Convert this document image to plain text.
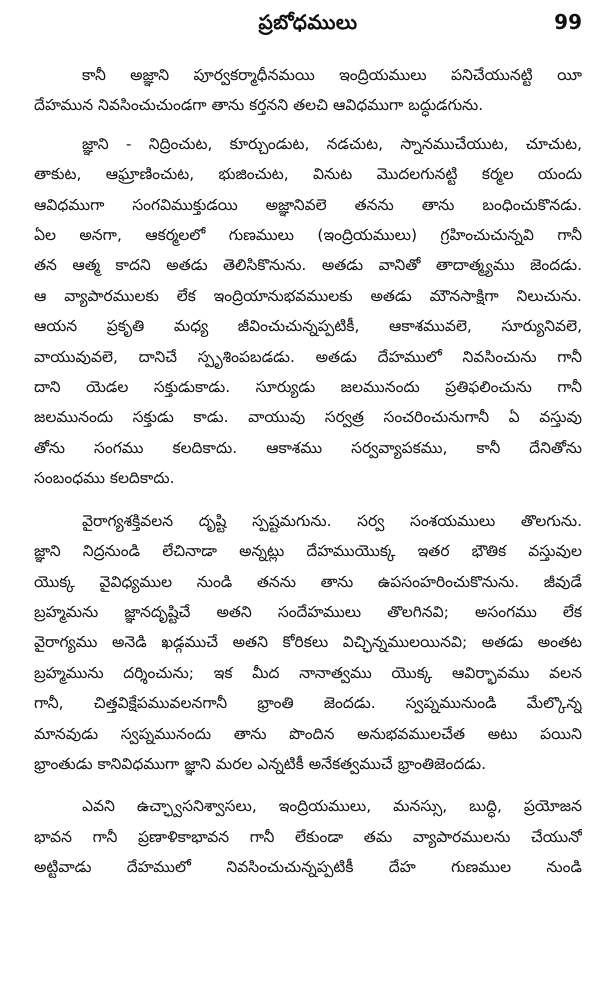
ప్రబోధములు	99
కానీ అజ్ఞాని పూర్వకర్మాధీనమయి ఇంద్రియములు పనిచేయునట్టి యీ
దేహమున నివసించుచుండగా తాను కర్తనని తలచి ఆవిధముగా బద్ధుడగును.
జ్ఞాని - నిద్రించుట, కూర్చుండుట, నడచుట, స్నానముచేయుట, చూచుట,
తాకుట, ఆఘ్రాణించుట, భుజించుట, వినుట మొదలగునట్టి కర్మల యందు
ఆవిధముగా సంగవిముక్తుడయి అజ్ఞానివలె తనను తాను బంధించుకొనడు.
ఏల అనగా, ఆకర్మలలో గుణములు (ఇంద్రియములు) గ్రహించుచున్నవి గానీ
తన ఆత్మ కాదని అతడు తెలిసికొనును. అతడు వానితో తాదాత్మ్యము జెందడు.
ఆ వ్యాపారములకు లేక ఇంద్రియానుభవములకు అతడు మౌనసాక్షిగా నిలుచును.
ఆయన ప్రకృతి మధ్య జీవించుచున్నప్పటికీ, ఆకాశమువలె, సూర్యునివలె,
వాయువువలె, దానిచే స్పృశింపబడడు. అతడు దేహములో నివసించును గానీ
దాని యెడల సక్తుడుకాడు. సూర్యుడు జలమునందు ప్రతిఫలించును గానీ
జలమునందు సక్తుడు కాడు. వాయువు సర్వత్ర సంచరించునుగానీ ఏ వస్తువు
తోను సంగము కలదికాదు. ఆకాశము సర్వవ్యాపకము, కానీ దేనితోను
సంబంధము కలదికాదు.
వైరాగ్యశక్తివలన దృష్టి స్పష్టమగును. సర్వ సంశయములు తొలగును.
జ్ఞాని నిద్రనుండి లేచినాడా అన్నట్లు దేహముయొక్క ఇతర భౌతిక వస్తువుల
యొక్క వైవిధ్యముల నుండి తనను తాను ఉపసంహరించుకొనును. జీవుడే
బ్రహ్మమను జ్ఞానదృష్టిచే అతని సందేహములు తొలగినవి; అసంగము లేక
వైరాగ్యము అనెడి ఖడ్గముచే అతని కోరికలు విచ్ఛిన్నములయినవి; అతడు అంతట
బ్రహ్మమును దర్శించును; ఇక మీద నానాత్వము యొక్క ఆవిర్భావము వలన
గానీ, చిత్తవిక్షేపమువలనగానీ భ్రాంతి జెందడు. స్వప్నమునుండి మేల్కొన్న
మానవుడు స్వప్నమునందు తాను పొందిన అనుభవములచేత అటు పయిని
భ్రాంతుడు కానివిధముగా జ్ఞాని మరల ఎన్నటికీ అనేకత్వముచే భ్రాంతిజెందడు.
ఎవని ఉచ్ఛ్వాసనిశ్వాసలు, ఇంద్రియములు, మనస్సు, బుద్ధి, ప్రయోజన
భావన గానీ ప్రణాళికాభావన గానీ లేకుండా తమ వ్యాపారములను చేయునో
అట్టివాడు దేహములో నివసించుచున్నప్పటికీ దేహ గుణముల నుండి
